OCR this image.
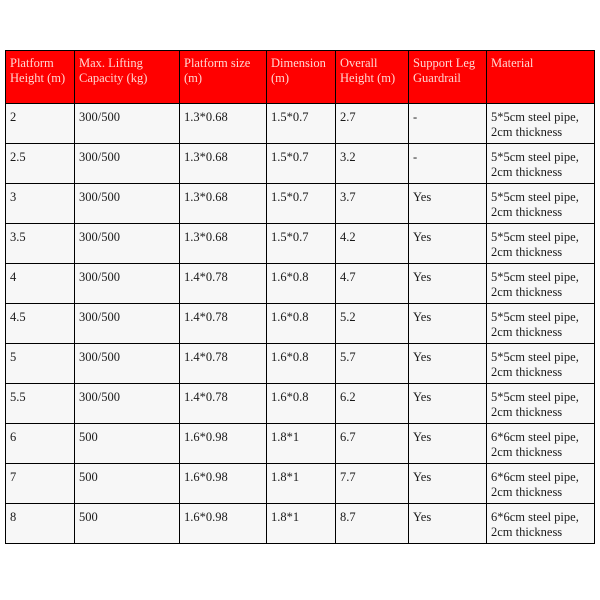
Platform Height (m)	Max. Lifting Capacity (kg)	Platform size (m)	Dimension (m)	Overall Height (m)	Support Leg Guardrail	Material

2	300/500	1.3*0.68	1.5*0.7	2.7	-	5*5cm steel pipe, 2cm thickness

2.5	300/500	1.3*0.68	1.5*0.7	3.2	-	5*5cm steel pipe, 2cm thickness

3	300/500	1.3*0.68	1.5*0.7	3.7	Yes	5*5cm steel pipe, 2cm thickness

3.5	300/500	1.3*0.68	1.5*0.7	4.2	Yes	5*5cm steel pipe, 2cm thickness

4	300/500	1.4*0.78	1.6*0.8	4.7	Yes	5*5cm steel pipe, 2cm thickness

4.5	300/500	1.4*0.78	1.6*0.8	5.2	Yes	5*5cm steel pipe, 2cm thickness

5	300/500	1.4*0.78	1.6*0.8	5.7	Yes	5*5cm steel pipe, 2cm thickness

5.5	300/500	1.4*0.78	1.6*0.8	6.2	Yes	5*5cm steel pipe, 2cm thickness

6	500	1.6*0.98	1.8*1	6.7	Yes	6*6cm steel pipe, 2cm thickness

7	500	1.6*0.98	1.8*1	7.7	Yes	6*6cm steel pipe, 2cm thickness

8	500	1.6*0.98	1.8*1	8.7	Yes	6*6cm steel pipe, 2cm thickness
